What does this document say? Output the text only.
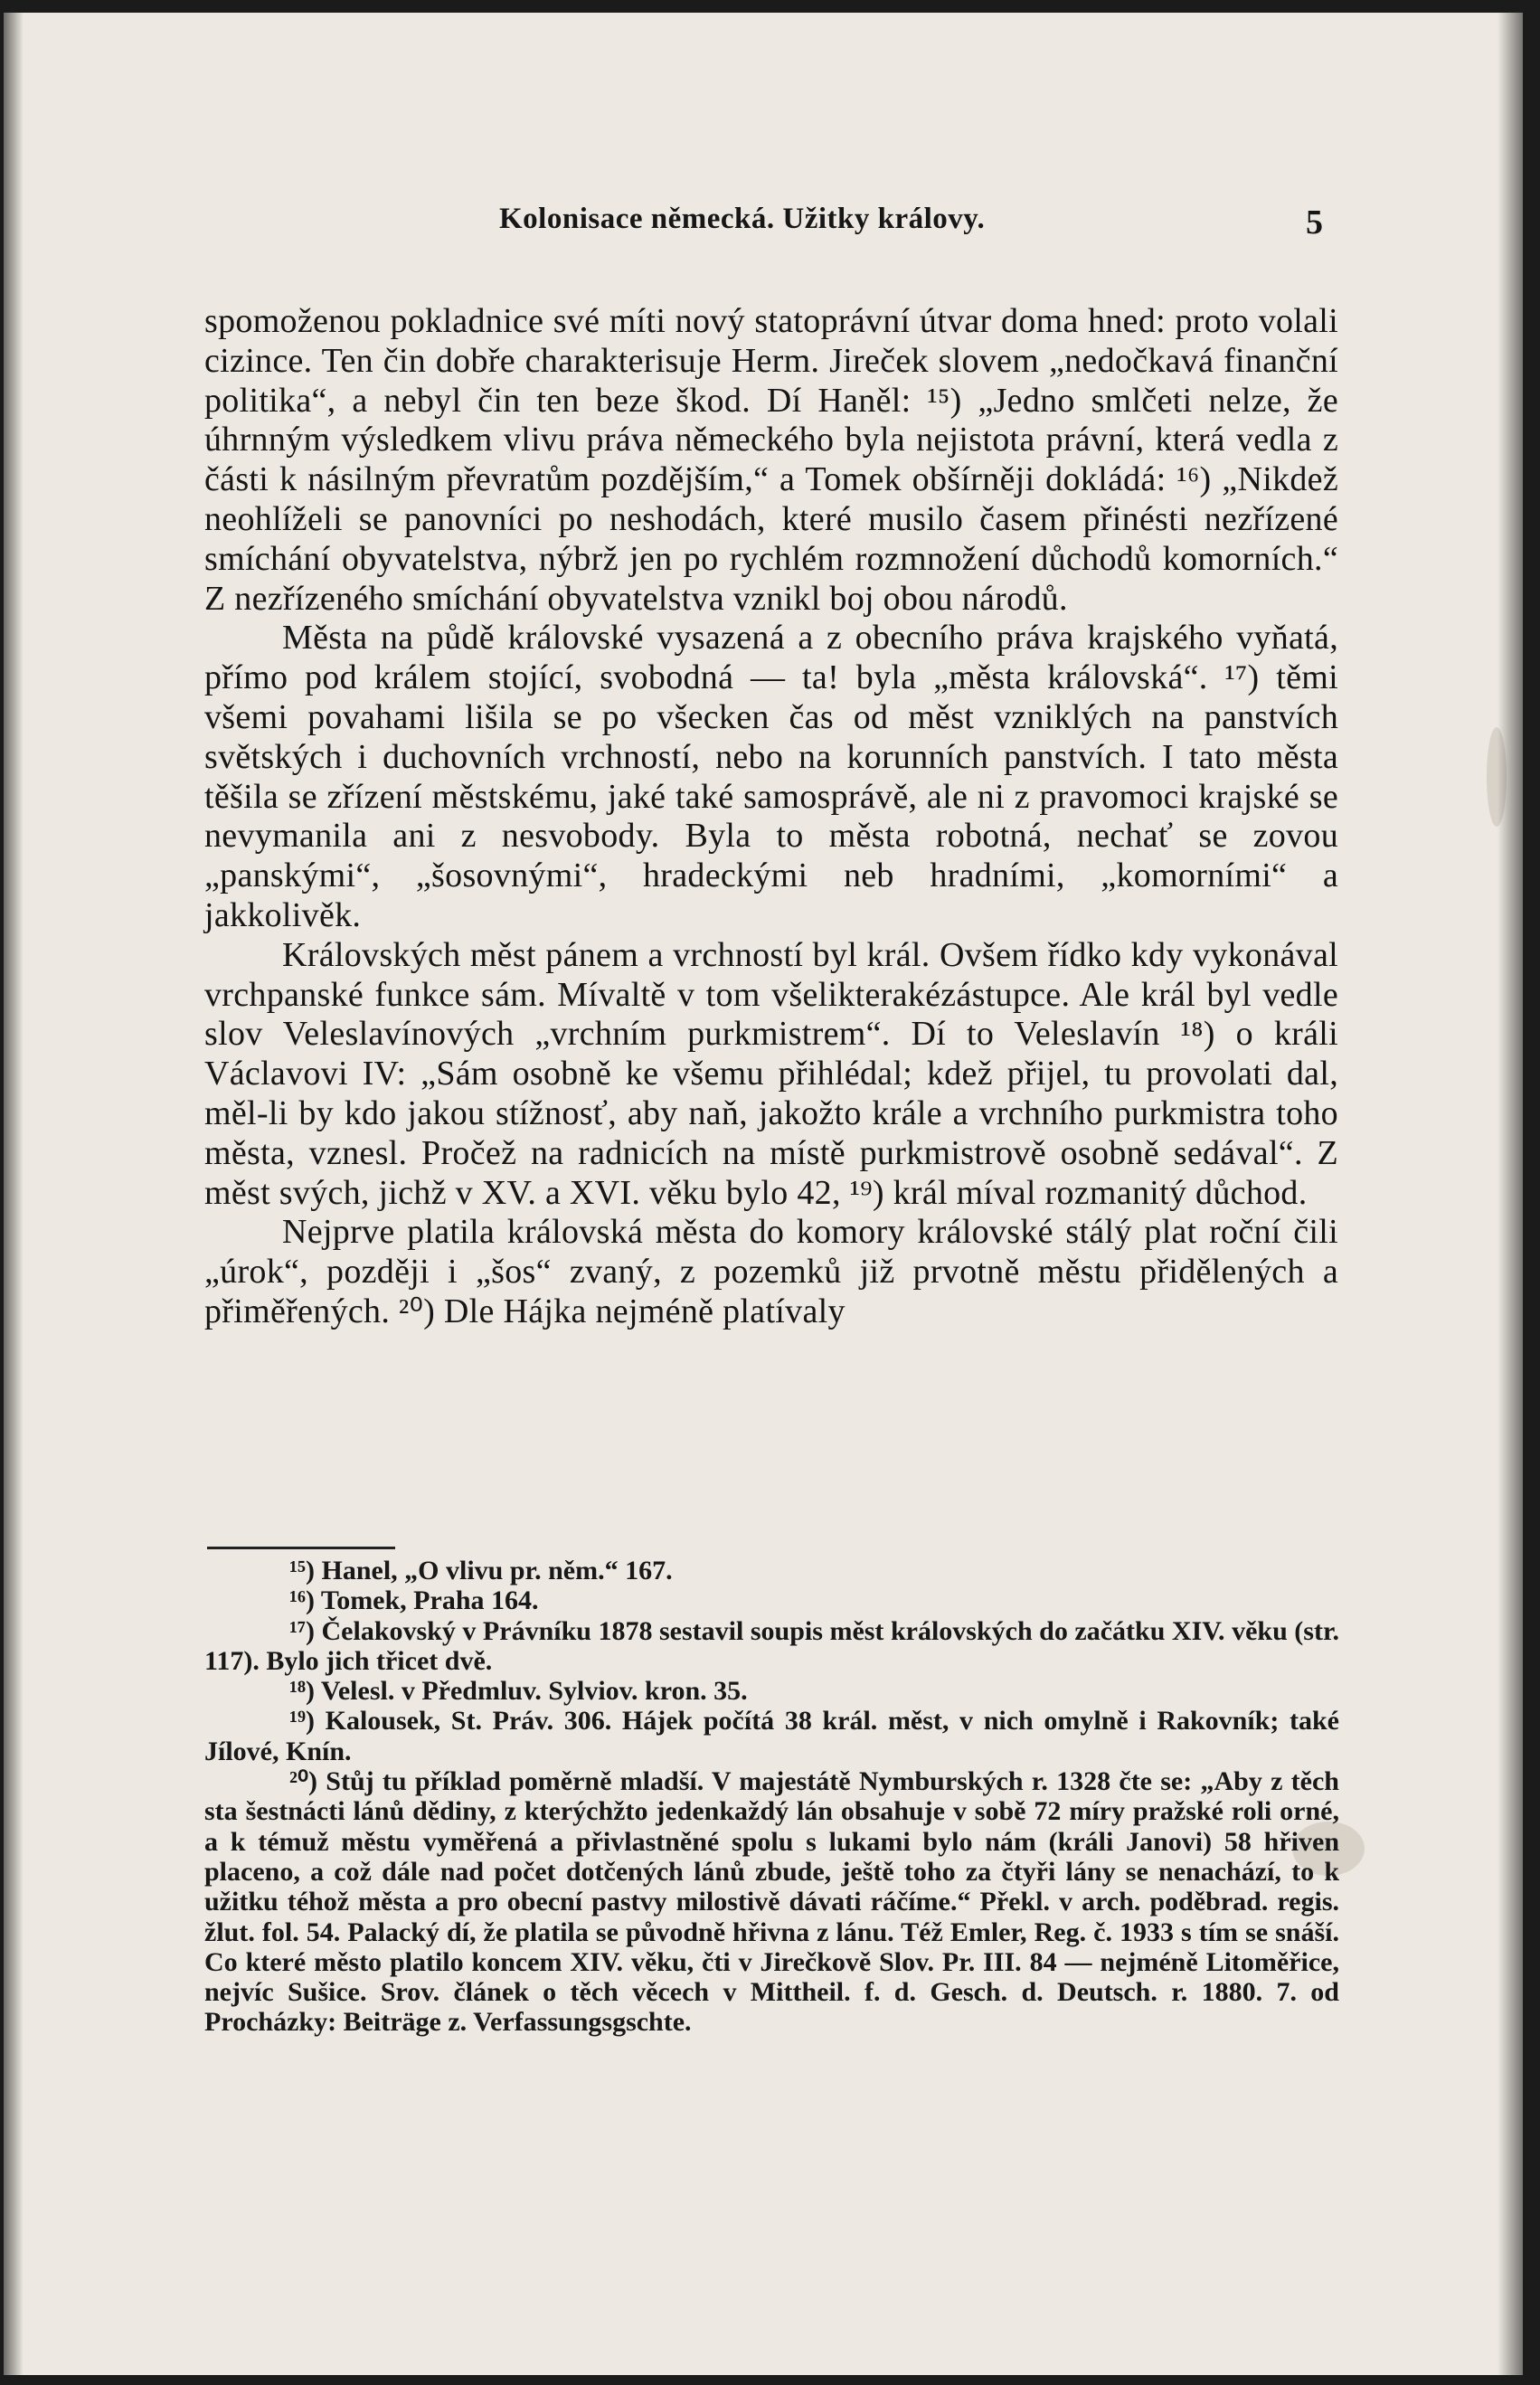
Kolonisace německá. Užitky královy.	5

spomoženou pokladnice své míti nový statoprávní útvar doma hned: proto volali cizince. Ten čin dobře charakterisuje Herm. Jireček slovem „nedočkavá finanční politika“, a nebyl čin ten beze škod. Dí Haněl: ¹⁵) „Jedno smlčeti nelze, že úhrnným výsledkem vlivu práva německého byla nejistota právní, která vedla z části k násilným převratům pozdějším,“ a Tomek obšírněji dokládá: ¹⁶) „Nikdež neohlíželi se panovníci po neshodách, které musilo časem přinésti nezřízené smíchání obyvatelstva, nýbrž jen po rychlém rozmnožení důchodů komorních.“ Z nezřízeného smíchání obyvatelstva vznikl boj obou národů.

Města na půdě královské vysazená a z obecního práva krajského vyňatá, přímo pod králem stojící, svobodná — ta! byla „města královská“. ¹⁷) těmi všemi povahami lišila se po všecken čas od měst vzniklých na panstvích světských i duchovních vrchností, nebo na korunních panstvích. I tato města těšila se zřízení městskému, jaké také samosprávě, ale ni z pravomoci krajské se nevymanila ani z nesvobody. Byla to města robotná, nechať se zovou „panskými“, „šosovnými“, hradeckými neb hradními, „komorními“ a jakkolivěk.

Královských měst pánem a vrchností byl král. Ovšem řídko kdy vykonával vrchpanské funkce sám. Mívaltě v tom všelikterakézástupce. Ale král byl vedle slov Veleslavínových „vrchním purkmistrem“. Dí to Veleslavín ¹⁸) o králi Václavovi IV: „Sám osobně ke všemu přihlédal; kdež přijel, tu provolati dal, měl-li by kdo jakou stížnosť, aby naň, jakožto krále a vrchního purkmistra toho města, vznesl. Pročež na radnicích na místě purkmistrově osobně sedával“. Z měst svých, jichž v XV. a XVI. věku bylo 42, ¹⁹) král míval rozmanitý důchod.

Nejprve platila královská města do komory královské stálý plat roční čili „úrok“, později i „šos“ zvaný, z pozemků již prvotně městu přidělených a přiměřených. ²⁰) Dle Hájka nejméně platívaly

¹⁵) Hanel, „O vlivu pr. něm.“ 167.

¹⁶) Tomek, Praha 164.

¹⁷) Čelakovský v Právníku 1878 sestavil soupis měst královských do začátku XIV. věku (str. 117). Bylo jich třicet dvě.

¹⁸) Velesl. v Předmluv. Sylviov. kron. 35.

¹⁹) Kalousek, St. Práv. 306. Hájek počítá 38 král. měst, v nich omylně i Rakovník; také Jílové, Knín.

²⁰) Stůj tu příklad poměrně mladší. V majestátě Nymburských r. 1328 čte se: „Aby z těch sta šestnácti lánů dědiny, z kterýchžto jedenkaždý lán obsahuje v sobě 72 míry pražské roli orné, a k témuž městu vyměřená a přivlastněné spolu s lukami bylo nám (králi Janovi) 58 hřiven placeno, a což dále nad počet dotčených lánů zbude, ještě toho za čtyři lány se nenachází, to k užitku téhož města a pro obecní pastvy milostivě dávati ráčíme.“ Překl. v arch. poděbrad. regis. žlut. fol. 54. Palacký dí, že platila se původně hřivna z lánu. Též Emler, Reg. č. 1933 s tím se snáší. Co které město platilo koncem XIV. věku, čti v Jirečkově Slov. Pr. III. 84 — nejméně Litoměřice, nejvíc Sušice. Srov. článek o těch věcech v Mittheil. f. d. Gesch. d. Deutsch. r. 1880. 7. od Procházky: Beiträge z. Verfassungsgschte.
